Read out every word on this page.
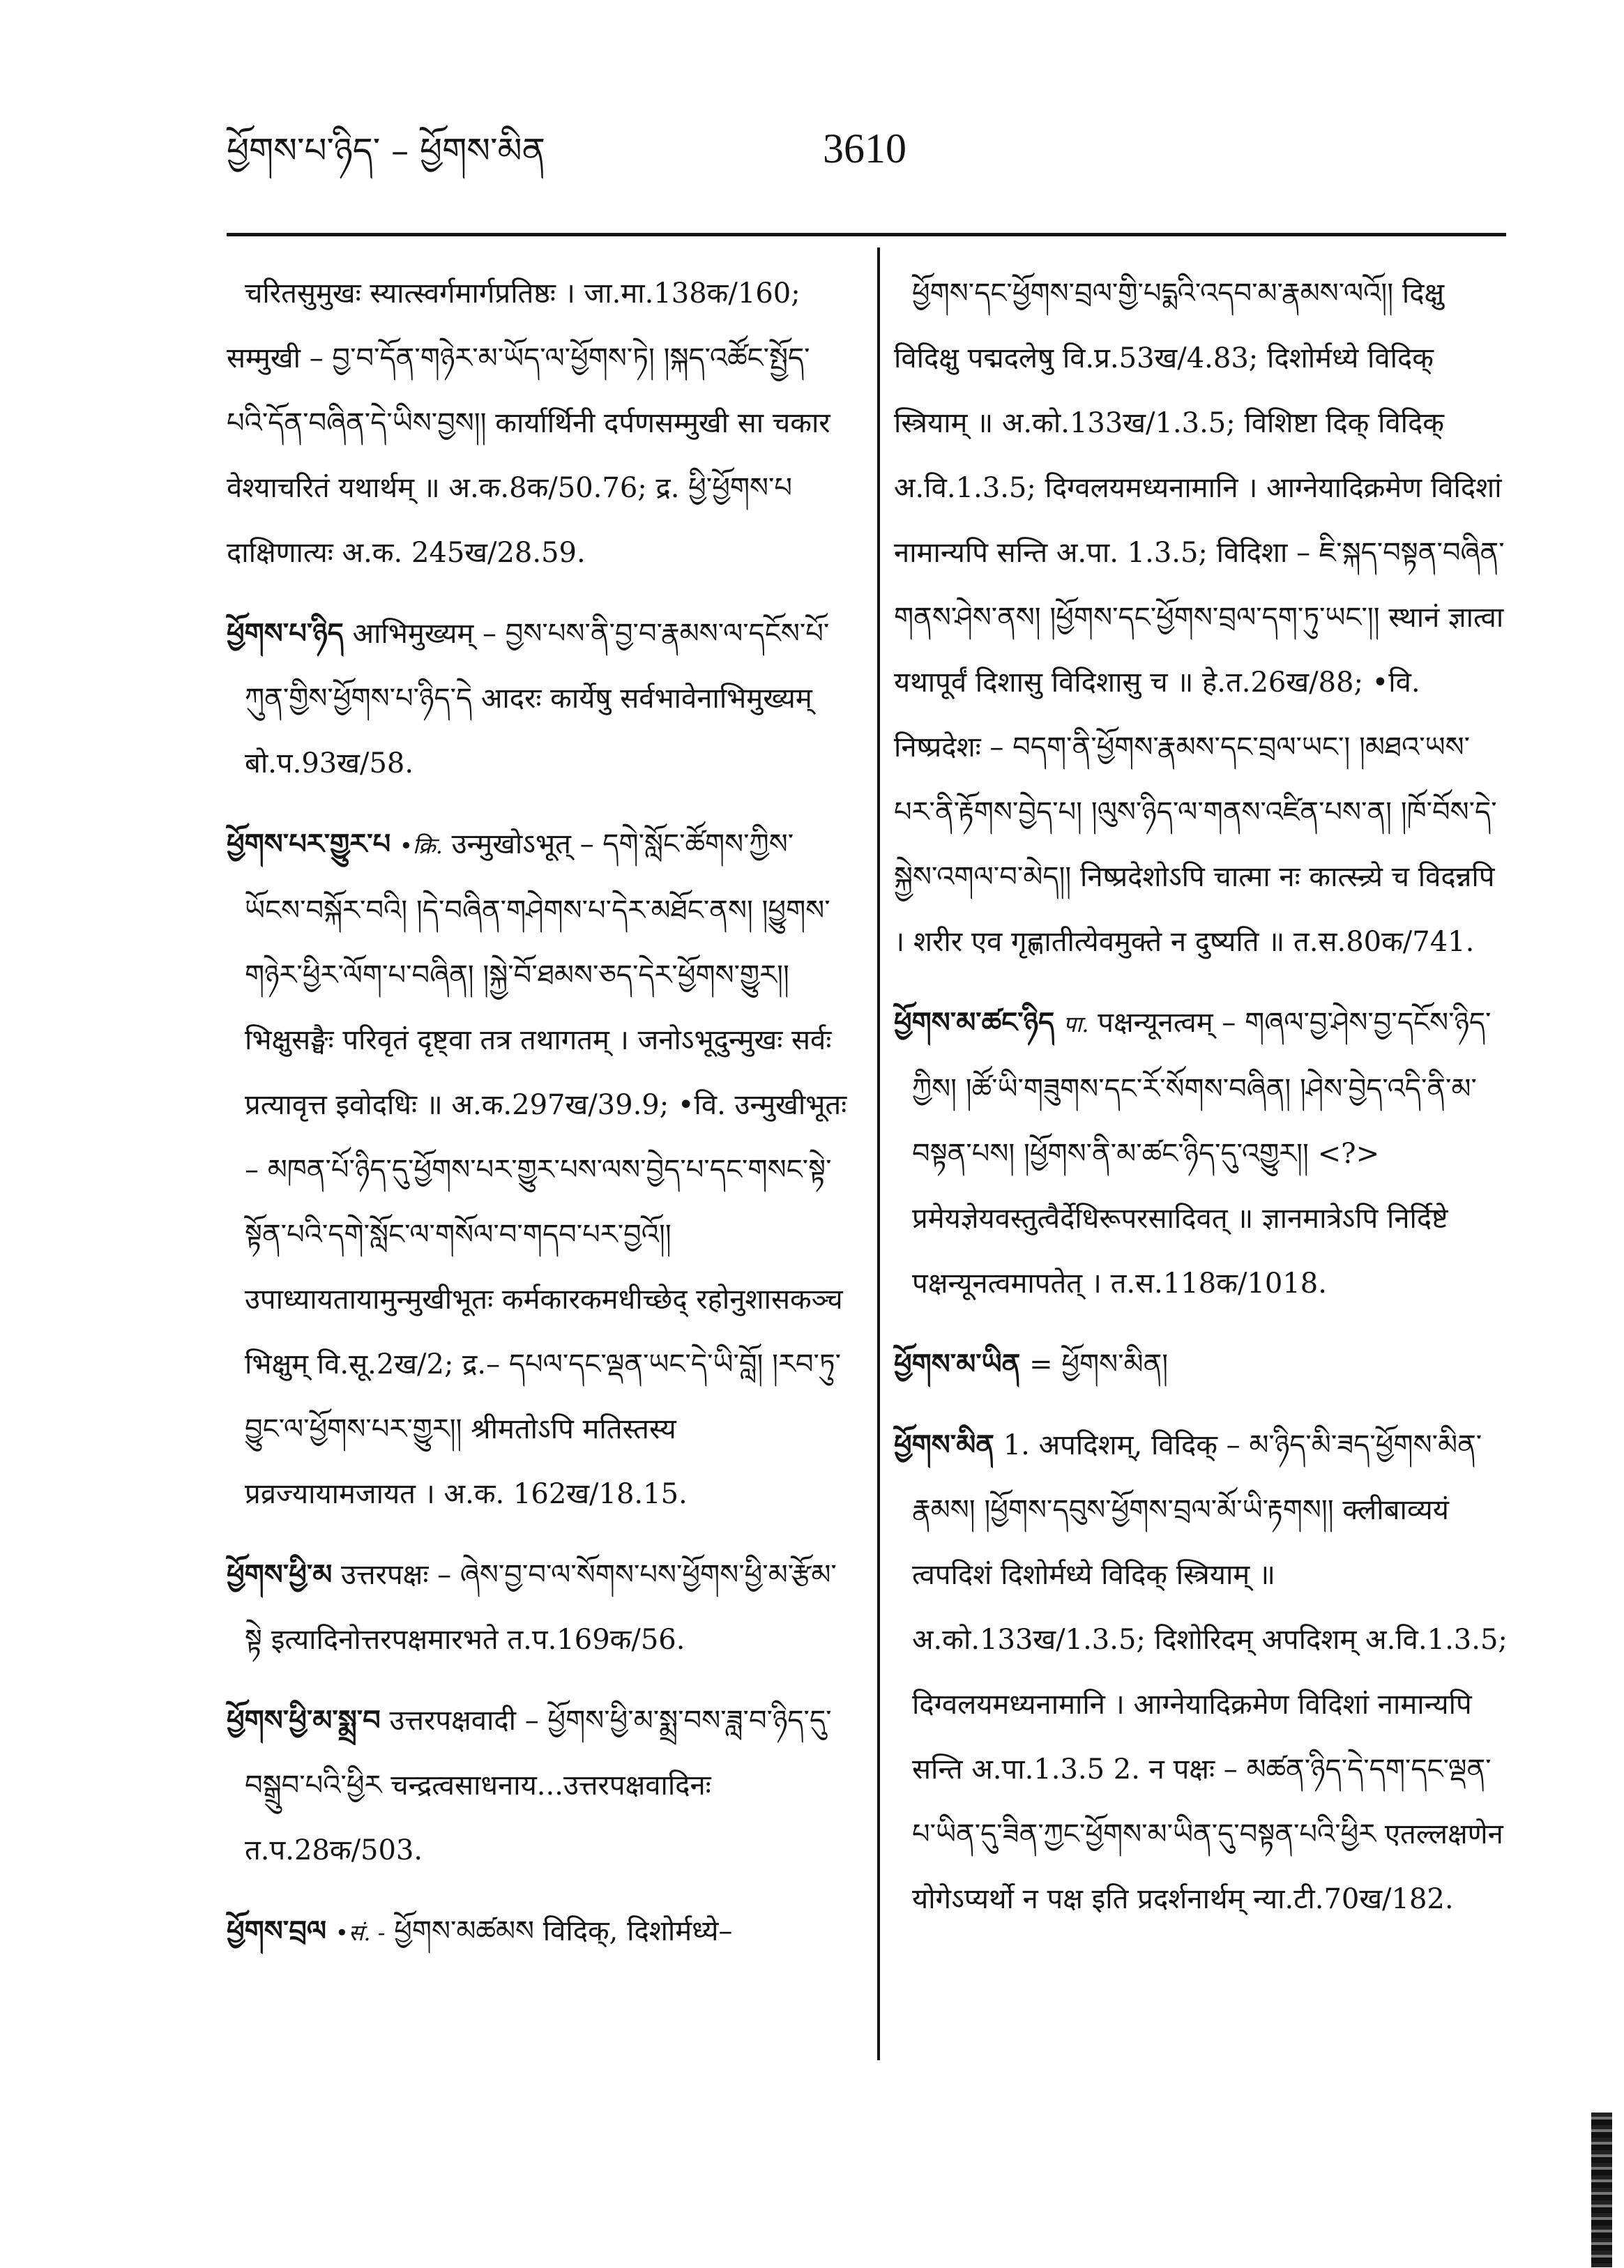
ཕྱོགས་པ་ཉིད་ – ཕྱོགས་མིན	3610

चरितसुमुखः स्यात्स्वर्गमार्गप्रतिष्ठः । जा.मा.138क/160; सम्मुखी – བྱ་བ་དོན་གཉེར་མ་ཡོད་ལ་ཕྱོགས་ཏེ། །སྐད་འཚོང་སྤྱོད་པའི་དོན་བཞིན་དེ་ཡིས་བྱས།། कार्यार्थिनी दर्पणसम्मुखी सा चकार वेश्याचरितं यथार्थम् ॥ अ.क.8क/50.76; द्र. ཕྱི་ཕྱོགས་པ दाक्षिणात्यः अ.क. 245ख/28.59.

ཕྱོགས་པ་ཉིད आभिमुख्यम् – བྱས་པས་ནི་བྱ་བ་རྣམས་ལ་དངོས་པོ་ཀུན་གྱིས་ཕྱོགས་པ་ཉིད་དེ आदरः कार्येषु सर्वभावेनाभिमुख्यम् बो.प.93ख/58.

ཕྱོགས་པར་གྱུར་པ •क्रि. उन्मुखोऽभूत् – དགེ་སློང་ཚོགས་ཀྱིས་ཡོངས་བསྐོར་བའི། །དེ་བཞིན་གཤེགས་པ་དེར་མཐོང་ནས། །ཕྱུགས་གཉེར་ཕྱིར་ལོག་པ་བཞིན། །སྐྱེ་བོ་ཐམས་ཅད་དེར་ཕྱོགས་གྱུར།། भिक्षुसङ्घैः परिवृतं दृष्ट्वा तत्र तथागतम् । जनोऽभूदुन्मुखः सर्वः प्रत्यावृत्त इवोदधिः ॥ अ.क.297ख/39.9; •वि. उन्मुखीभूतः – མཁན་པོ་ཉིད་དུ་ཕྱོགས་པར་གྱུར་པས་ལས་བྱེད་པ་དང་གསང་སྟེ་སྟོན་པའི་དགེ་སློང་ལ་གསོལ་བ་གདབ་པར་བྱའོ།། उपाध्यायतायामुन्मुखीभूतः कर्मकारकमधीच्छेद् रहोनुशासकञ्च भिक्षुम् वि.सू.2ख/2; द्र.– དཔལ་དང་ལྡན་ཡང་དེ་ཡི་བློ། །རབ་ཏུ་བྱུང་ལ་ཕྱོགས་པར་གྱུར།། श्रीमतोऽपि मतिस्तस्य प्रव्रज्यायामजायत । अ.क. 162ख/18.15.

ཕྱོགས་ཕྱི་མ उत्तरपक्षः – ཞེས་བྱ་བ་ལ་སོགས་པས་ཕྱོགས་ཕྱི་མ་རྩོམ་སྟེ इत्यादिनोत्तरपक्षमारभते त.प.169क/56.

ཕྱོགས་ཕྱི་མ་སྨྲ་བ उत्तरपक्षवादी – ཕྱོགས་ཕྱི་མ་སྨྲ་བས་ཟླ་བ་ཉིད་དུ་བསྒྲུབ་པའི་ཕྱིར चन्द्रत्वसाधनाय...उत्तरपक्षवादिनः त.प.28क/503.

ཕྱོགས་བྲལ •सं. - ཕྱོགས་མཚམས विदिक्, दिशोर्मध्ये–

ཕྱོགས་དང་ཕྱོགས་བྲལ་གྱི་པདྨའི་འདབ་མ་རྣམས་ལའོ།། दिक्षु विदिक्षु पद्मदलेषु वि.प्र.53ख/4.83; दिशोर्मध्ये विदिक् स्त्रियाम् ॥ अ.को.133ख/1.3.5; विशिष्टा दिक् विदिक् अ.वि.1.3.5; दिग्वलयमध्यनामानि । आग्नेयादिक्रमेण विदिशां नामान्यपि सन्ति अ.पा. 1.3.5; विदिशा – ཇི་སྐད་བསྟན་བཞིན་གནས་ཤེས་ནས། །ཕྱོགས་དང་ཕྱོགས་བྲལ་དག་ཏུ་ཡང་།། स्थानं ज्ञात्वा यथापूर्वं दिशासु विदिशासु च ॥ हे.त.26ख/88; •वि. निष्प्रदेशः – བདག་ནི་ཕྱོགས་རྣམས་དང་བྲལ་ཡང་། །མཐའ་ཡས་པར་ནི་རྟོགས་བྱེད་པ། །ལུས་ཉིད་ལ་གནས་འཛིན་པས་ན། །ཁོ་བོས་དེ་སྐྱེས་འགལ་བ་མེད།། निष्प्रदेशोऽपि चात्मा नः कात्स्न्र्ये च विदन्नपि । शरीर एव गृह्णातीत्येवमुक्ते न दुष्यति ॥ त.स.80क/741.

ཕྱོགས་མ་ཚང་ཉིད पा. पक्षन्यूनत्वम् – གཞལ་བྱ་ཤེས་བྱ་དངོས་ཉིད་ཀྱིས། །ཚོ་ཡི་གཟུགས་དང་རོ་སོགས་བཞིན། །ཤེས་བྱེད་འདི་ནི་མ་བསྟན་པས། །ཕྱོགས་ནི་མ་ཚང་ཉིད་དུ་འགྱུར།། <?> प्रमेयज्ञेयवस्तुत्वैर्देधिरूपरसादिवत् ॥ ज्ञानमात्रेऽपि निर्दिष्टे पक्षन्यूनत्वमापतेत् । त.स.118क/1018.

ཕྱོགས་མ་ཡིན = ཕྱོགས་མིན།

ཕྱོགས་མིན 1. अपदिशम्, विदिक् – མ་ཉིད་མི་ཟད་ཕྱོགས་མིན་རྣམས། །ཕྱོགས་དབུས་ཕྱོགས་བྲལ་མོ་ཡི་རྟགས།། क्लीबाव्ययं त्वपदिशं दिशोर्मध्ये विदिक् स्त्रियाम् ॥ अ.को.133ख/1.3.5; दिशोरिदम् अपदिशम् अ.वि.1.3.5; दिग्वलयमध्यनामानि । आग्नेयादिक्रमेण विदिशां नामान्यपि सन्ति अ.पा.1.3.5 2. न पक्षः – མཚན་ཉིད་དེ་དག་དང་ལྡན་པ་ཡིན་དུ་ཟིན་ཀྱང་ཕྱོགས་མ་ཡིན་དུ་བསྟན་པའི་ཕྱིར एतल्लक्षणेन योगेऽप्यर्थो न पक्ष इति प्रदर्शनार्थम् न्या.टी.70ख/182.
